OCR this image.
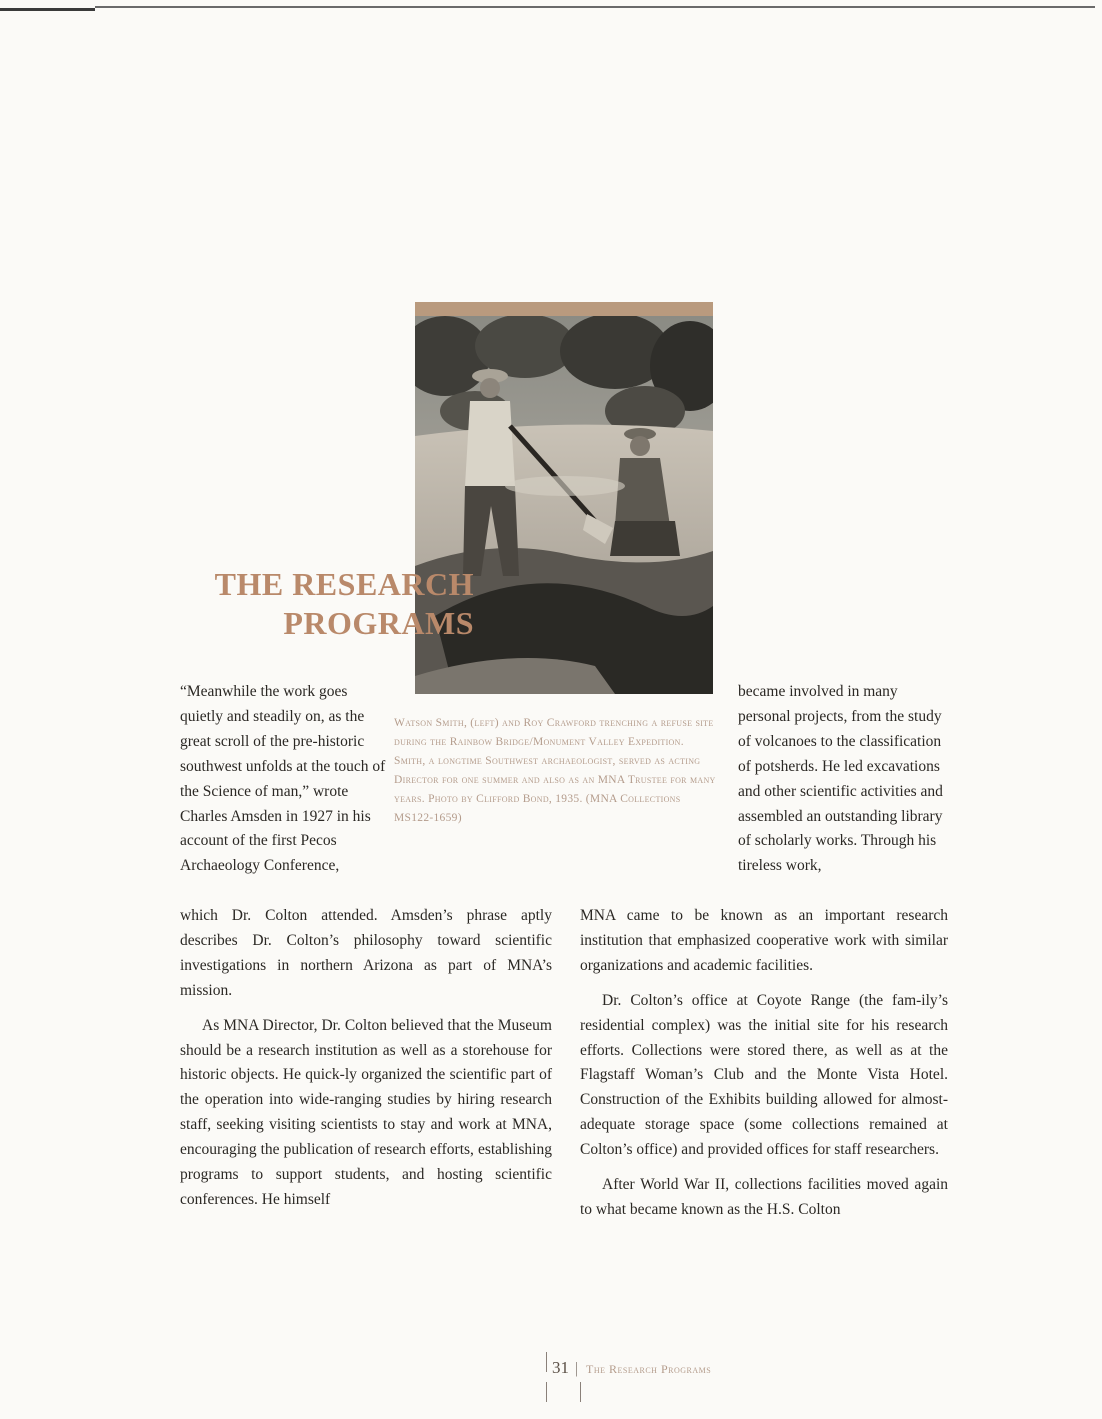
THE RESEARCH
PROGRAMS

Watson Smith, (left) and Roy Crawford trenching a refuse site during the Rainbow Bridge/Monument Valley Expedition. Smith, a longtime Southwest archaeologist, served as acting Director for one summer and also as an MNA Trustee for many years. Photo by Clifford Bond, 1935. (MNA Collections MS122-1659)

“Meanwhile the work goes quietly and steadily on, as the great scroll of the pre-historic southwest unfolds at the touch of the Science of man,” wrote Charles Amsden in 1927 in his account of the first Pecos Archaeology Conference,

became involved in many personal projects, from the study of volcanoes to the classification of potsherds. He led excavations and other scientific activities and assembled an outstanding library of scholarly works. Through his tireless work,

which Dr. Colton attended. Amsden’s phrase aptly describes Dr. Colton’s philosophy toward scientific investigations in northern Arizona as part of MNA’s mission.

As MNA Director, Dr. Colton believed that the Museum should be a research institution as well as a storehouse for historic objects. He quick-ly organized the scientific part of the operation into wide-ranging studies by hiring research staff, seeking visiting scientists to stay and work at MNA, encouraging the publication of research efforts, establishing programs to support students, and hosting scientific conferences. He himself

MNA came to be known as an important research institution that emphasized cooperative work with similar organizations and academic facilities.

Dr. Colton’s office at Coyote Range (the fam-ily’s residential complex) was the initial site for his research efforts. Collections were stored there, as well as at the Flagstaff Woman’s Club and the Monte Vista Hotel. Construction of the Exhibits building allowed for almost-adequate storage space (some collections remained at Colton’s office) and provided offices for staff researchers.

After World War II, collections facilities moved again to what became known as the H.S. Colton

31 | The Research Programs
